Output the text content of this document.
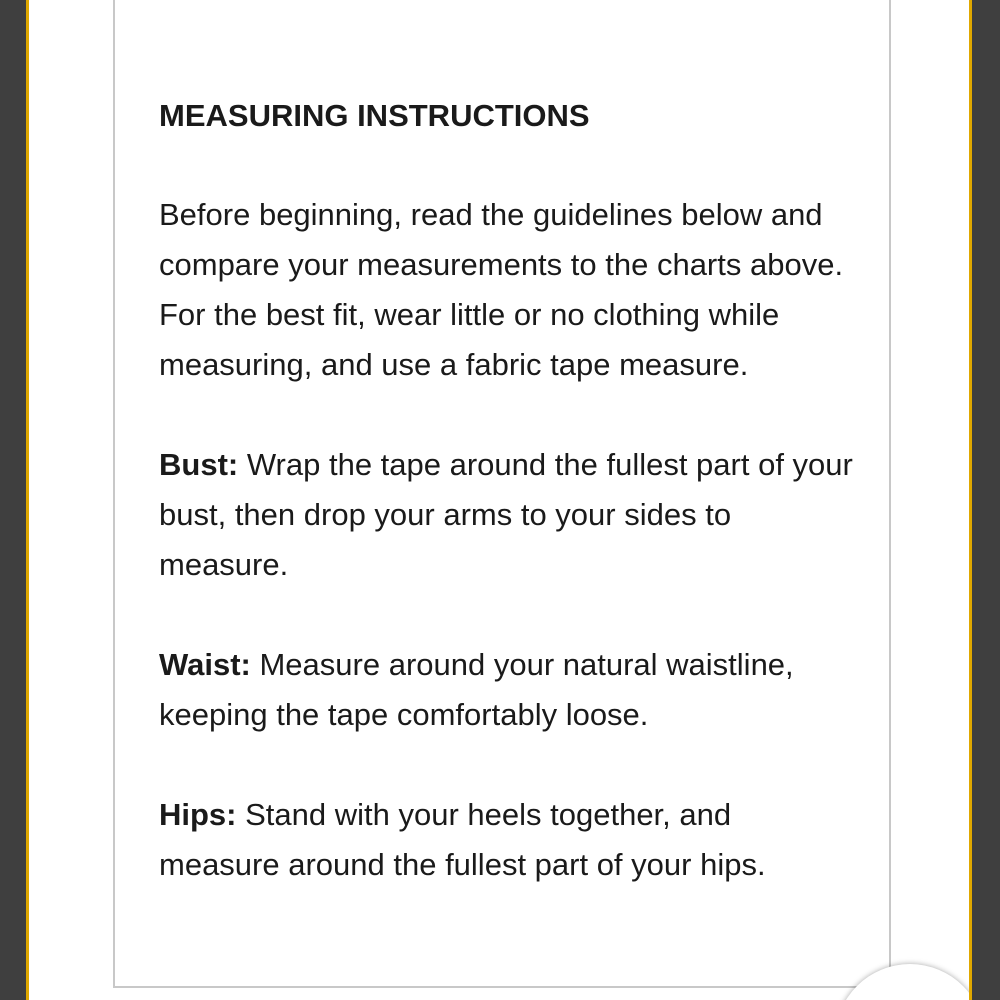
MEASURING INSTRUCTIONS
Before beginning, read the guidelines below and compare your measurements to the charts above.
For the best fit, wear little or no clothing while measuring, and use a fabric tape measure.
Bust: Wrap the tape around the fullest part of your bust, then drop your arms to your sides to measure.
Waist: Measure around your natural waistline, keeping the tape comfortably loose.
Hips: Stand with your heels together, and measure around the fullest part of your hips.
